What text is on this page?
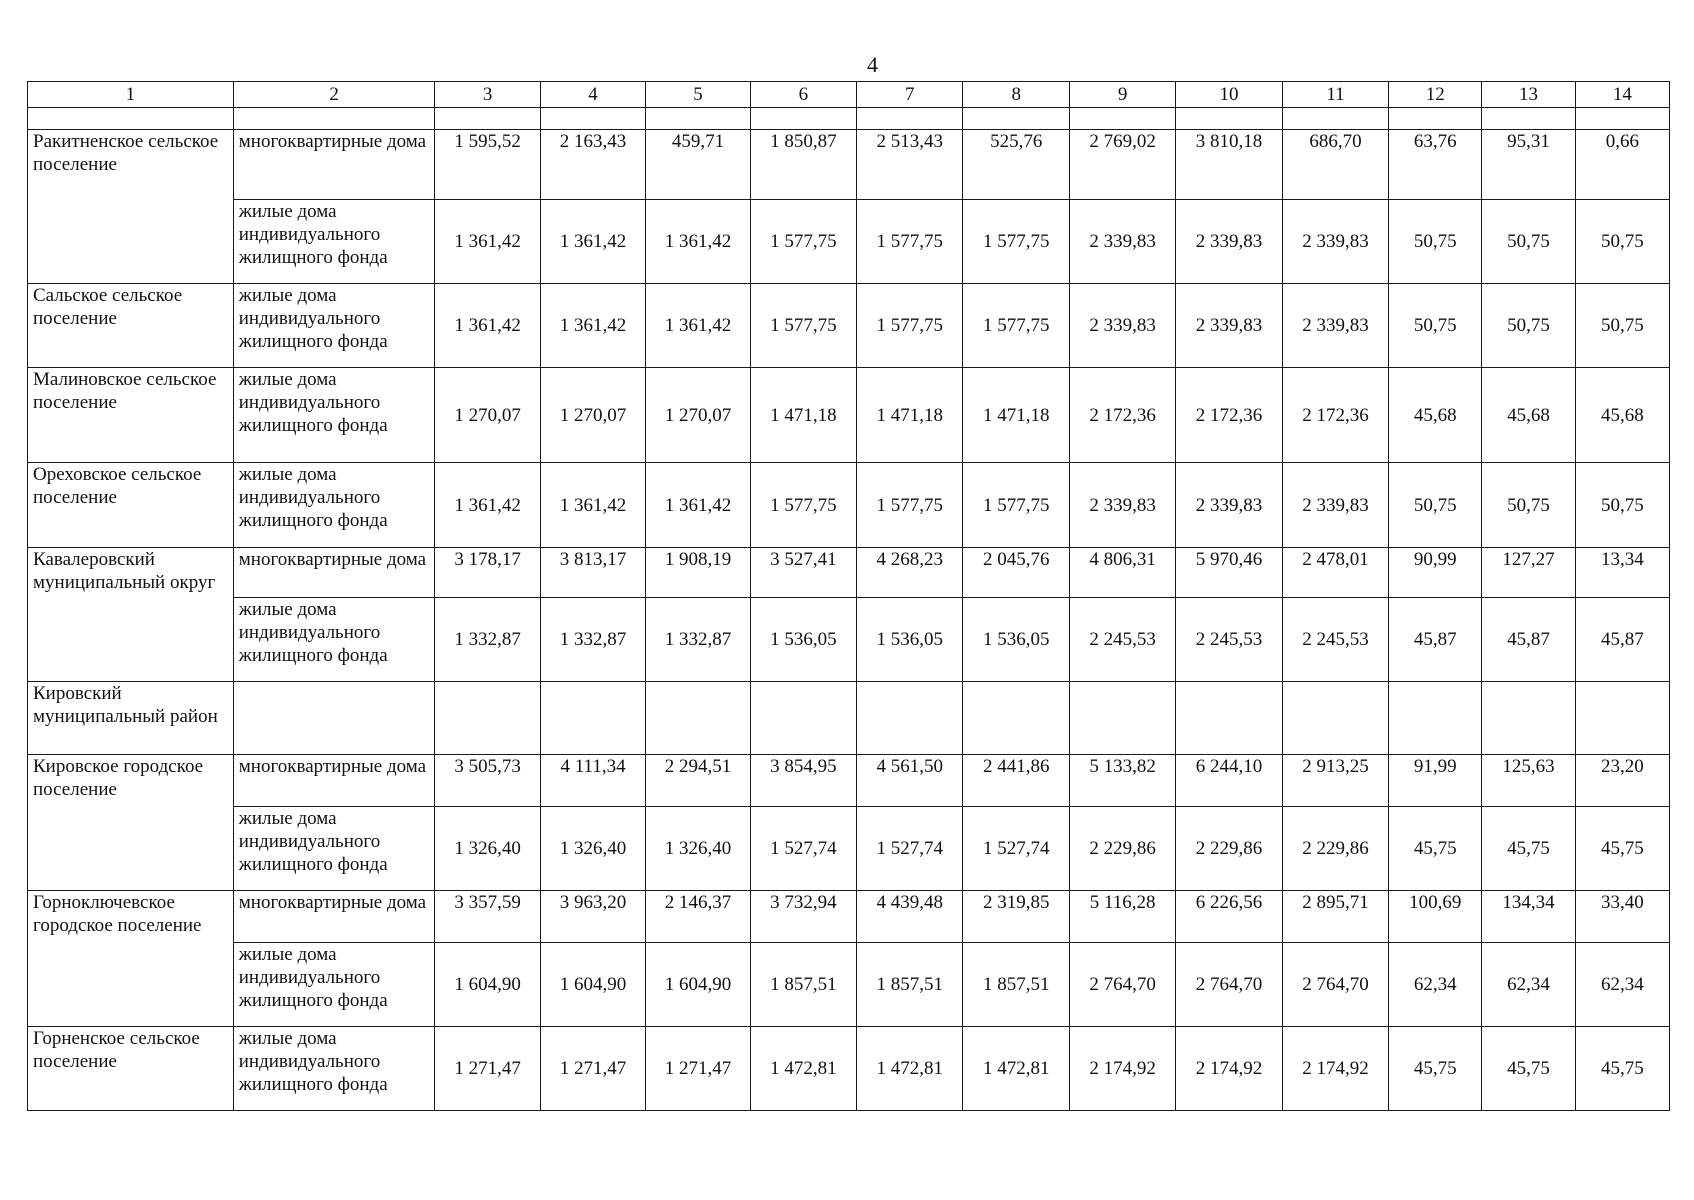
4
1	2	3	4	5	6	7	8	9	10	11	12	13	14

Ракитненское сельское поселение	многоквартирные дома	1 595,52	2 163,43	459,71	1 850,87	2 513,43	525,76	2 769,02	3 810,18	686,70	63,76	95,31	0,66
	жилые дома индивидуального жилищного фонда	1 361,42	1 361,42	1 361,42	1 577,75	1 577,75	1 577,75	2 339,83	2 339,83	2 339,83	50,75	50,75	50,75
Сальское сельское поселение	жилые дома индивидуального жилищного фонда	1 361,42	1 361,42	1 361,42	1 577,75	1 577,75	1 577,75	2 339,83	2 339,83	2 339,83	50,75	50,75	50,75
Малиновское сельское поселение	жилые дома индивидуального жилищного фонда	1 270,07	1 270,07	1 270,07	1 471,18	1 471,18	1 471,18	2 172,36	2 172,36	2 172,36	45,68	45,68	45,68
Ореховское сельское поселение	жилые дома индивидуального жилищного фонда	1 361,42	1 361,42	1 361,42	1 577,75	1 577,75	1 577,75	2 339,83	2 339,83	2 339,83	50,75	50,75	50,75
Кавалеровский муниципальный округ	многоквартирные дома	3 178,17	3 813,17	1 908,19	3 527,41	4 268,23	2 045,76	4 806,31	5 970,46	2 478,01	90,99	127,27	13,34
	жилые дома индивидуального жилищного фонда	1 332,87	1 332,87	1 332,87	1 536,05	1 536,05	1 536,05	2 245,53	2 245,53	2 245,53	45,87	45,87	45,87
Кировский муниципальный район													
Кировское городское поселение	многоквартирные дома	3 505,73	4 111,34	2 294,51	3 854,95	4 561,50	2 441,86	5 133,82	6 244,10	2 913,25	91,99	125,63	23,20
	жилые дома индивидуального жилищного фонда	1 326,40	1 326,40	1 326,40	1 527,74	1 527,74	1 527,74	2 229,86	2 229,86	2 229,86	45,75	45,75	45,75
Горноключевское городское поселение	многоквартирные дома	3 357,59	3 963,20	2 146,37	3 732,94	4 439,48	2 319,85	5 116,28	6 226,56	2 895,71	100,69	134,34	33,40
	жилые дома индивидуального жилищного фонда	1 604,90	1 604,90	1 604,90	1 857,51	1 857,51	1 857,51	2 764,70	2 764,70	2 764,70	62,34	62,34	62,34
Горненское сельское поселение	жилые дома индивидуального жилищного фонда	1 271,47	1 271,47	1 271,47	1 472,81	1 472,81	1 472,81	2 174,92	2 174,92	2 174,92	45,75	45,75	45,75
